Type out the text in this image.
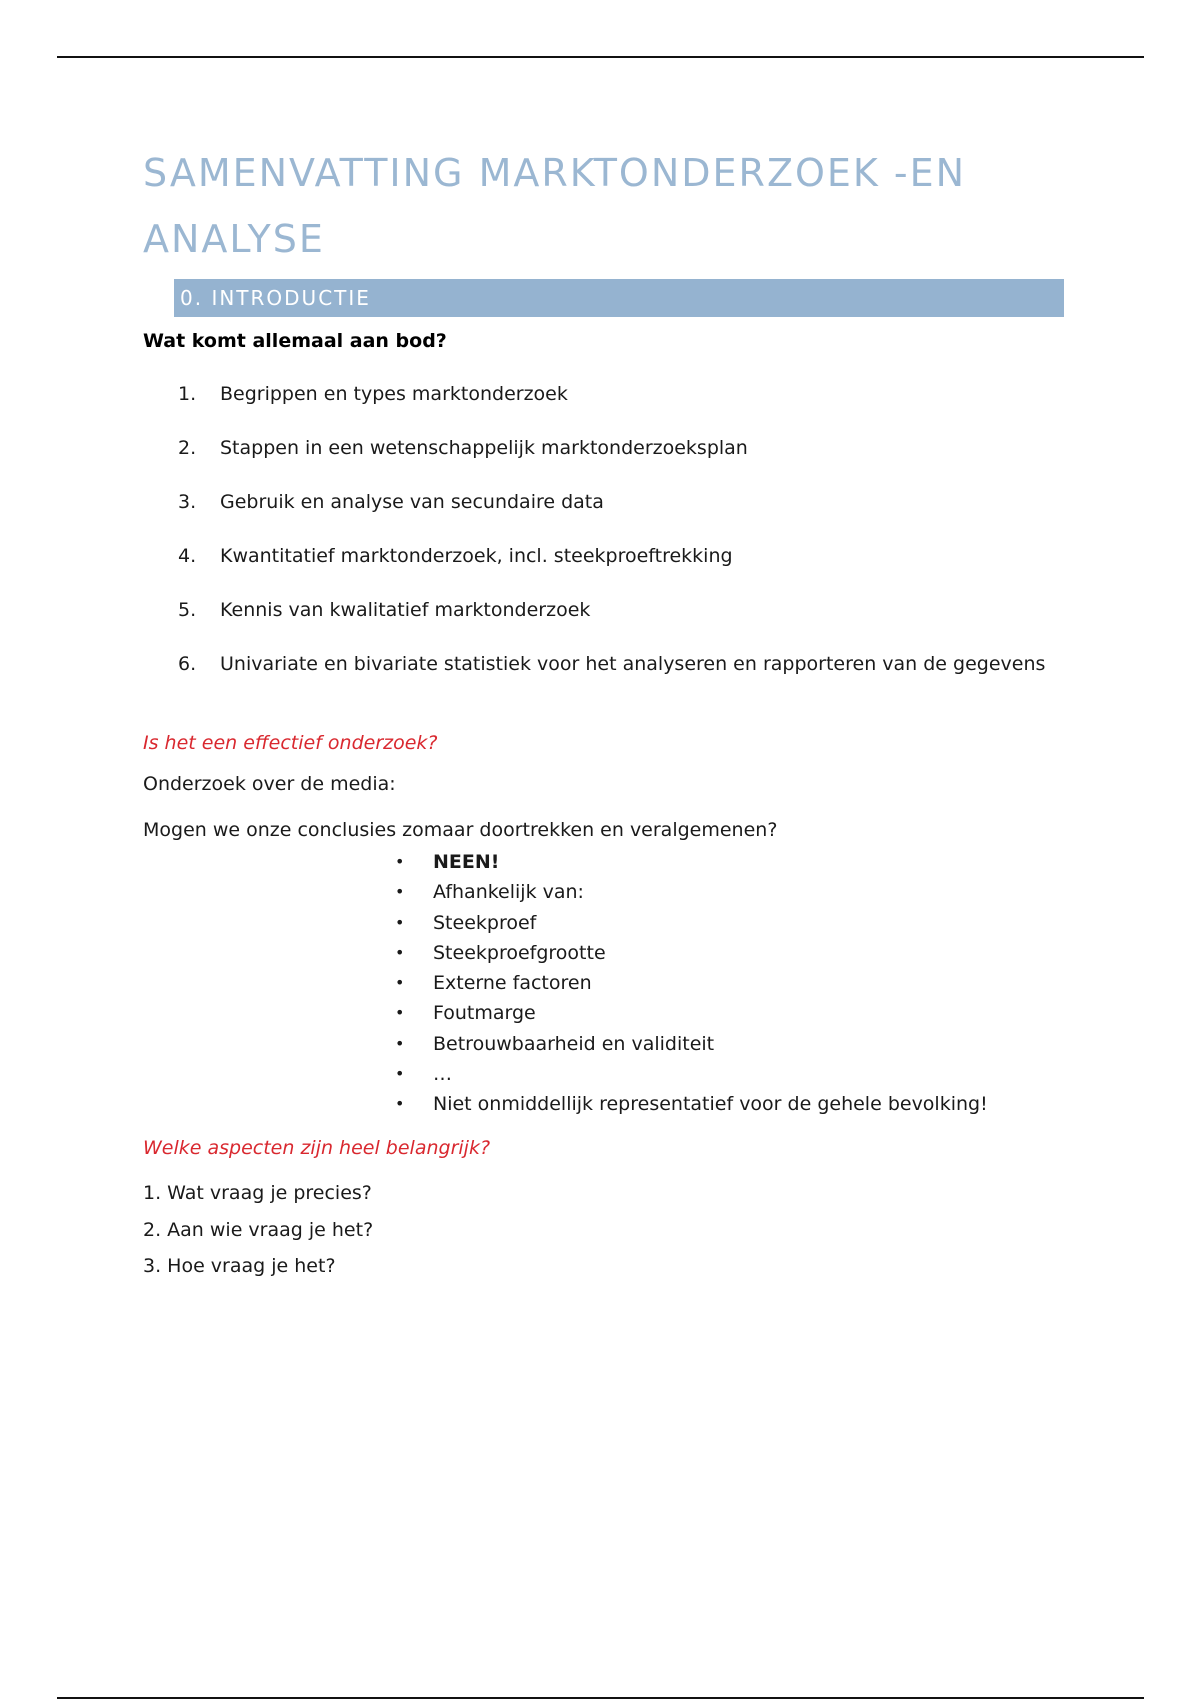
SAMENVATTING MARKTONDERZOEK -EN ANALYSE
0. INTRODUCTIE
Wat komt allemaal aan bod?
1.	Begrippen en types marktonderzoek
2.	Stappen in een wetenschappelijk marktonderzoeksplan
3.	Gebruik en analyse van secundaire data
4.	Kwantitatief marktonderzoek, incl. steekproeftrekking
5.	Kennis van kwalitatief marktonderzoek
6.	Univariate en bivariate statistiek voor het analyseren en rapporteren van de gegevens
Is het een effectief onderzoek?
Onderzoek over de media:
Mogen we onze conclusies zomaar doortrekken en veralgemenen?
•	NEEN!
•	Afhankelijk van:
•	Steekproef
•	Steekproefgrootte
•	Externe factoren
•	Foutmarge
•	Betrouwbaarheid en validiteit
•	…
•	Niet onmiddellijk representatief voor de gehele bevolking!
Welke aspecten zijn heel belangrijk?
1. Wat vraag je precies?
2. Aan wie vraag je het?
3. Hoe vraag je het?
